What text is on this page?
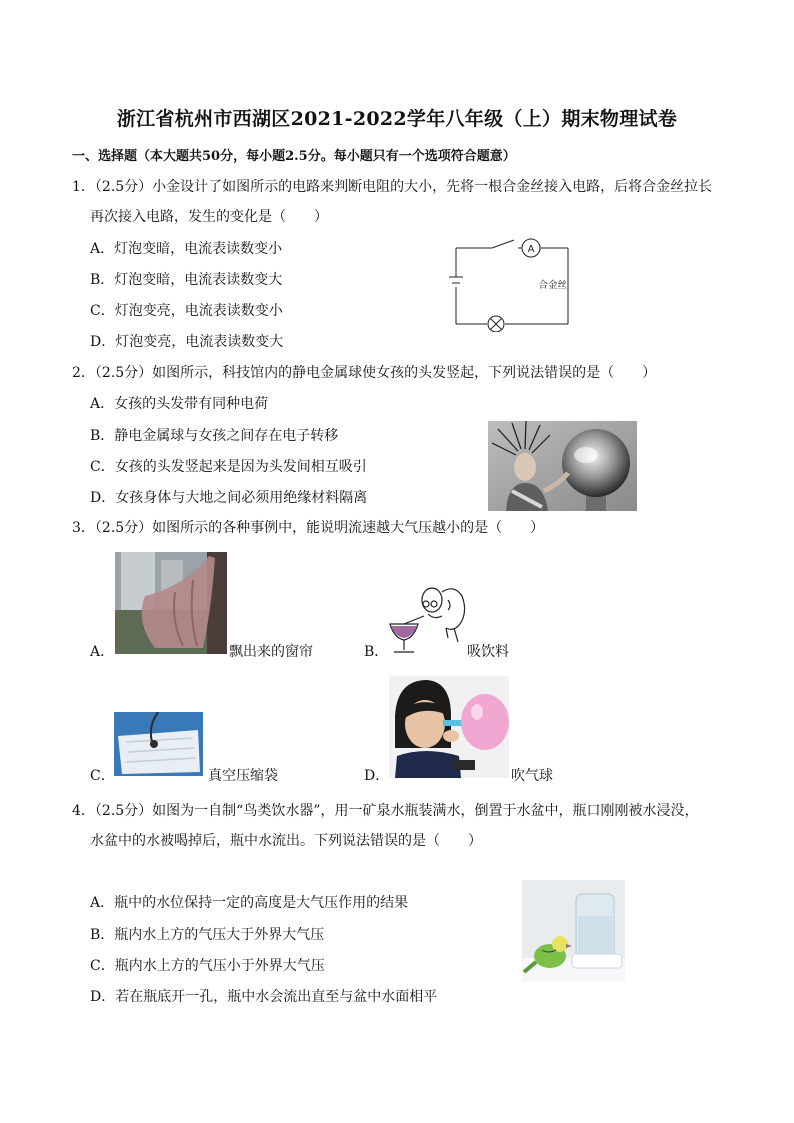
浙江省杭州市西湖区2021-2022学年八年级（上）期末物理试卷
一、选择题（本大题共50分，每小题2.5分。每小题只有一个选项符合题意）
1．（2.5分）小金设计了如图所示的电路来判断电阻的大小，先将一根合金丝接入电路，后将合金丝拉长
再次接入电路，发生的变化是（　　）
A．灯泡变暗，电流表读数变小
B．灯泡变暗，电流表读数变大
C．灯泡变亮，电流表读数变小
D．灯泡变亮，电流表读数变大
A
合金丝
2．（2.5分）如图所示，科技馆内的静电金属球使女孩的头发竖起，下列说法错误的是（　　）
A．女孩的头发带有同种电荷
B．静电金属球与女孩之间存在电子转移
C．女孩的头发竖起来是因为头发间相互吸引
D．女孩身体与大地之间必须用绝缘材料隔离
3．（2.5分）如图所示的各种事例中，能说明流速越大气压越小的是（　　）
A．	飘出来的窗帘	B．	吸饮料
C．	真空压缩袋	D．	吹气球
4．（2.5分）如图为一自制“鸟类饮水器”，用一矿泉水瓶装满水，倒置于水盆中，瓶口刚刚被水浸没，
水盆中的水被喝掉后，瓶中水流出。下列说法错误的是（　　）
A．瓶中的水位保持一定的高度是大气压作用的结果
B．瓶内水上方的气压大于外界大气压
C．瓶内水上方的气压小于外界大气压
D．若在瓶底开一孔，瓶中水会流出直至与盆中水面相平
